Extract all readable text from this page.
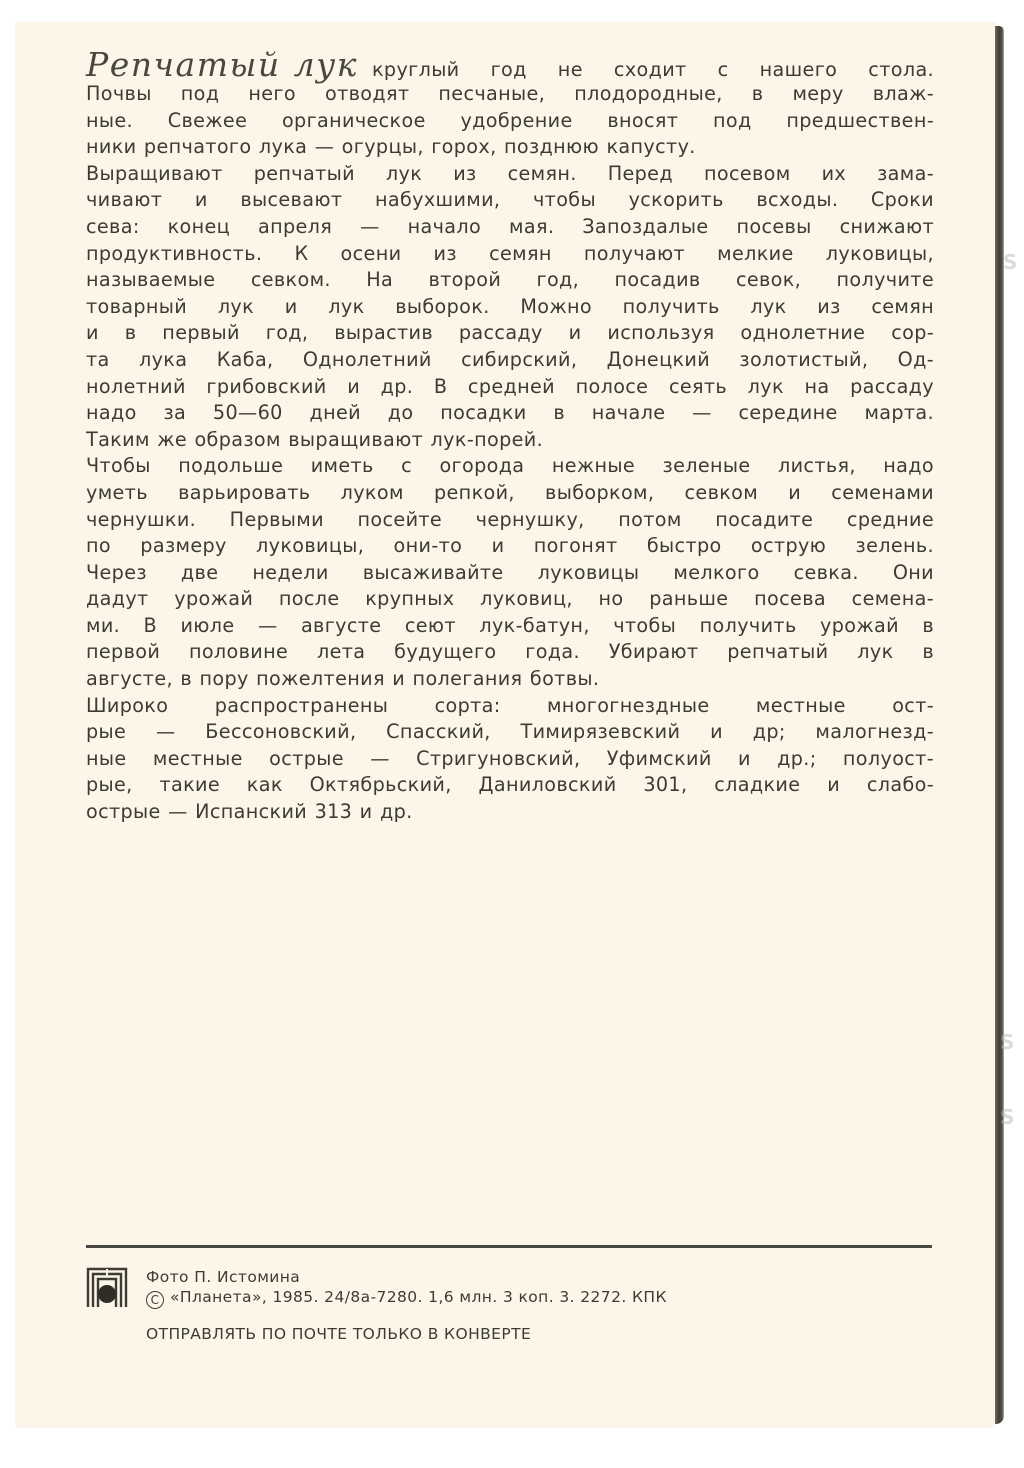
S
S
S
Репчатый лук круглый год не сходит с нашего стола.
Почвы под него отводят песчаные, плодородные, в меру влаж-
ные. Свежее органическое удобрение вносят под предшествен-
ники репчатого лука — огурцы, горох, позднюю капусту.
Выращивают репчатый лук из семян. Перед посевом их зама-
чивают и высевают набухшими, чтобы ускорить всходы. Сроки
сева: конец апреля — начало мая. Запоздалые посевы снижают
продуктивность. К осени из семян получают мелкие луковицы,
называемые севком. На второй год, посадив севок, получите
товарный лук и лук выборок. Можно получить лук из семян
и в первый год, вырастив рассаду и используя однолетние сор-
та лука Каба, Однолетний сибирский, Донецкий золотистый, Од-
нолетний грибовский и др. В средней полосе сеять лук на рассаду
надо за 50—60 дней до посадки в начале — середине марта.
Таким же образом выращивают лук-порей.
Чтобы подольше иметь с огорода нежные зеленые листья, надо
уметь варьировать луком репкой, выборком, севком и семенами
чернушки. Первыми посейте чернушку, потом посадите средние
по размеру луковицы, они-то и погонят быстро острую зелень.
Через две недели высаживайте луковицы мелкого севка. Они
дадут урожай после крупных луковиц, но раньше посева семена-
ми. В июле — августе сеют лук-батун, чтобы получить урожай в
первой половине лета будущего года. Убирают репчатый лук в
августе, в пору пожелтения и полегания ботвы.
Широко распространены сорта: многогнездные местные ост-
рые — Бессоновский, Спасский, Тимирязевский и др; малогнезд-
ные местные острые — Стригуновский, Уфимский и др.; полуост-
рые, такие как Октябрьский, Даниловский 301, сладкие и слабо-
острые — Испанский 313 и др.
Фото П. Истомина
C «Планета», 1985. 24/8а-7280. 1,6 млн. 3 коп. 3. 2272. КПК
ОТПРАВЛЯТЬ ПО ПОЧТЕ ТОЛЬКО В КОНВЕРТЕ
